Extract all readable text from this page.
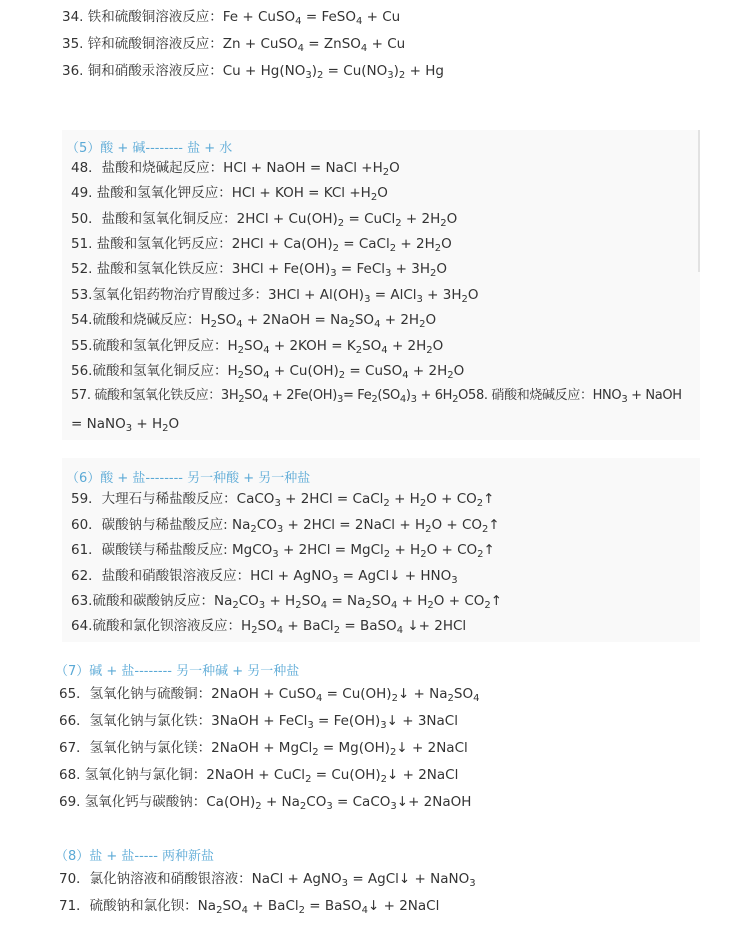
34. 铁和硫酸铜溶液反应：Fe + CuSO$_4$ = FeSO$_4$ + Cu
35. 锌和硫酸铜溶液反应：Zn + CuSO$_4$ = ZnSO$_4$ + Cu
36. 铜和硝酸汞溶液反应：$Cu + Hg(NO_3)_2 = Cu(NO_3)_2 + Hg$
（5）酸 + 碱-------- 盐 + 水
48．盐酸和烧碱起反应：HCl + NaOH = NaCl $+H_2O$
49. 盐酸和氢氧化钾反应：HCl + KOH = KCl $+H_2O$
50．盐酸和氢氧化铜反应：$2HCl + Cu(OH)_2$ = CuCl$_2$ + $2H_2O$
51. 盐酸和氢氧化钙反应：$2HCl + Ca(OH)_2$ = CaCl$_2$ + $2H_2O$
52. 盐酸和氢氧化铁反应：$3HCl + Fe(OH)_3$ = FeCl$_3$ + $3H_2O$
53.氢氧化铝药物治疗胃酸过多：$3HCl + Al(OH)_3$ = AlCl$_3$ + $3H_2O$
54.硫酸和烧碱反应：$H_2SO_4$ + 2NaOH = $Na_2SO_4 + 2H_2O$
55.硫酸和氢氧化钾反应：$H_2SO_4 + 2KOH = K_2SO_4 + 2H_2O$
56.硫酸和氢氧化铜反应：$H_2SO_4 + Cu(OH)_2$ = CuSO$_4$ + $2H_2O$
57. 硫酸和氢氧化铁反应：$3H_2SO_4 + 2Fe(OH)_3= Fe_2(SO_4)_3 + 6H_2O58$. 硝酸和烧碱反应：$HNO_3$ + NaOH
= NaNO$_3$ + $H_2O$
（6）酸 + 盐-------- 另一种酸 + 另一种盐
59．大理石与稀盐酸反应：CaCO$_3$ + 2HCl = CaCl$_2$ + $H_2O$ + $CO_2↑$
60．碳酸钠与稀盐酸反应: $Na_2CO_3 + 2HCl$ = 2NaCl + $H_2O$ + $CO_2↑$
61．碳酸镁与稀盐酸反应: MgCO$_3$ + 2HCl = MgCl$_2$ + $H_2O$ + $CO_2↑$
62．盐酸和硝酸银溶液反应：HCl + AgNO$_3$ = AgCl↓ + $HNO_3$
63.硫酸和碳酸钠反应：$Na_2CO_3 + H_2SO_4 = Na_2SO_4 + H_2O$ + $CO_2↑$
64.硫酸和氯化钡溶液反应：$H_2SO_4$ + BaCl$_2$ = BaSO$_4$ ↓+ 2HCl
（7）碱 + 盐-------- 另一种碱 + 另一种盐
65．氢氧化钠与硫酸铜：2NaOH + CuSO$_4$ = $Cu(OH)_2↓ + Na_2SO_4$
66．氢氧化钠与氯化铁：3NaOH + FeCl$_3$ = $Fe(OH)_3↓$ + 3NaCl
67．氢氧化钠与氯化镁：2NaOH + MgCl$_2$ = $Mg(OH)_2↓$ + 2NaCl
68. 氢氧化钠与氯化铜：2NaOH + CuCl$_2$ = $Cu(OH)_2↓$ + 2NaCl
69. 氢氧化钙与碳酸钠：$Ca(OH)_2 + Na_2CO_3$ = CaCO$_3$↓+ 2NaOH
（8）盐 + 盐----- 两种新盐
70．氯化钠溶液和硝酸银溶液：NaCl + AgNO$_3$ = AgCl↓ + NaNO$_3$
71．硫酸钠和氯化钡：$Na_2SO_4$ + BaCl$_2$ = BaSO$_4$↓ + 2NaCl
